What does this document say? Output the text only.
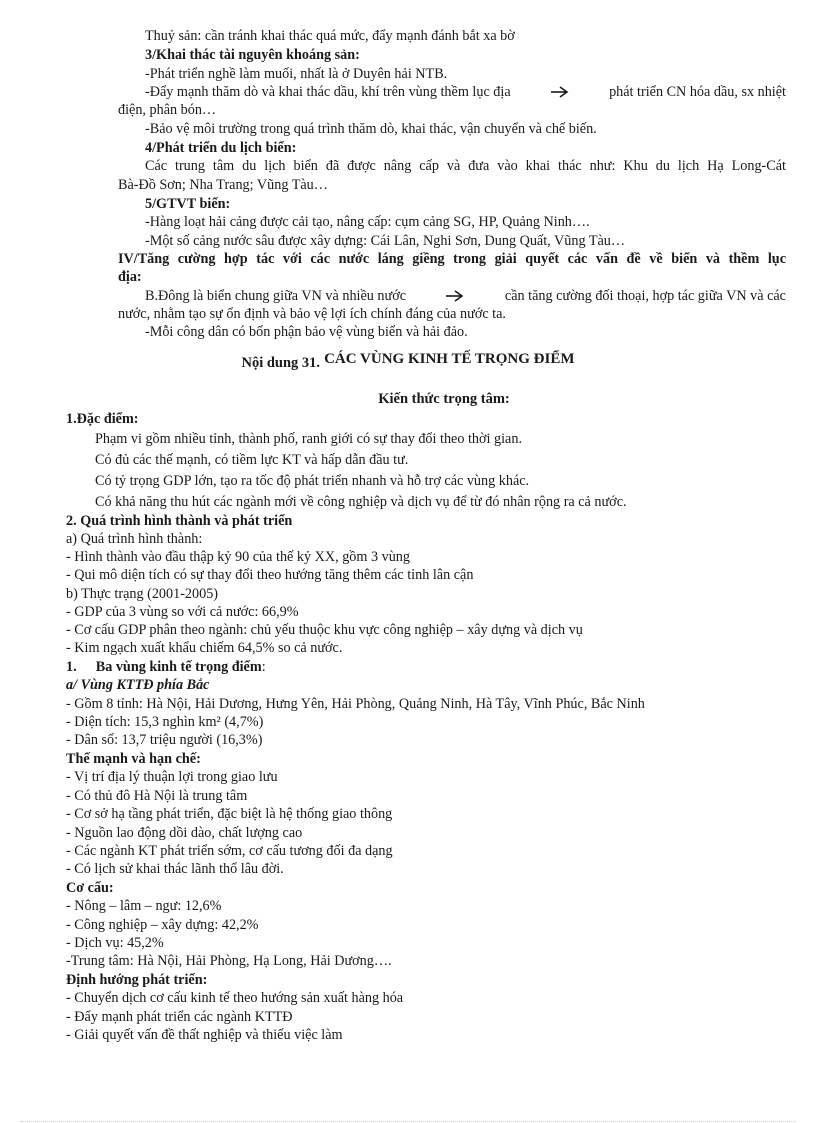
Thuỷ sản: cần tránh khai thác quá mức, đẩy mạnh đánh bắt xa bờ
3/Khai thác tài nguyên khoáng sản:
-Phát triển nghề làm muối, nhất là ở Duyên hải NTB.
-Đẩy mạnh thăm dò và khai thác dầu, khí trên vùng thềm lục địa	phát triển CN hóa dầu, sx nhiệt
điện, phân bón…
-Bảo vệ môi trường trong quá trình thăm dò, khai thác, vận chuyển và chế biến.
4/Phát triển du lịch biển:
Các trung tâm du lịch biển đã được nâng cấp và đưa vào khai thác như: Khu du lịch Hạ Long-Cát
Bà-Đồ Sơn; Nha Trang; Vũng Tàu…
5/GTVT biển:
-Hàng loạt hải cảng được cải tạo, nâng cấp: cụm cảng SG, HP, Quảng Ninh….
-Một số cảng nước sâu được xây dựng: Cái Lân, Nghi Sơn, Dung Quất, Vũng Tàu…
IV/Tăng cường hợp tác với các nước láng giềng trong giải quyết các vấn đề về biển và thềm lục
địa:
B.Đông là biển chung giữa VN và nhiều nước	cần tăng cường đối thoại, hợp tác giữa VN và các
nước, nhằm tạo sự ổn định và bảo vệ lợi ích chính đáng của nước ta.
-Mỗi công dân có bổn phận bảo vệ vùng biển và hải đảo.
Nội dung 31. CÁC VÙNG KINH TẾ TRỌNG ĐIỂM
Kiến thức trọng tâm:
1.Đặc điểm:
Phạm vi gồm nhiều tỉnh, thành phố, ranh giới có sự thay đổi theo thời gian.
Có đủ các thế mạnh, có tiềm lực KT và hấp dẫn đầu tư.
Có tỷ trọng GDP lớn, tạo ra tốc độ phát triển nhanh và hỗ trợ các vùng khác.
Có khả năng thu hút các ngành mới về công nghiệp và dịch vụ để từ đó nhân rộng ra cả nước.
2. Quá trình hình thành và phát triển
a) Quá trình hình thành:
- Hình thành vào đầu thập kỷ 90 của thế kỷ XX, gồm 3 vùng
- Qui mô diện tích có sự thay đổi theo hướng tăng thêm các tỉnh lân cận
b) Thực trạng (2001-2005)
- GDP của 3 vùng so với cả nước: 66,9%
- Cơ cấu GDP phân theo ngành: chủ yếu thuộc khu vực công nghiệp – xây dựng và dịch vụ
- Kim ngạch xuất khẩu chiếm 64,5% so cả nước.
1. Ba vùng kinh tế trọng điểm:
a/ Vùng KTTĐ phía Bắc
- Gồm 8 tỉnh: Hà Nội, Hải Dương, Hưng Yên, Hải Phòng, Quảng Ninh, Hà Tây, Vĩnh Phúc, Bắc Ninh
- Diện tích: 15,3 nghìn km² (4,7%)
- Dân số: 13,7 triệu người (16,3%)
Thế mạnh và hạn chế:
- Vị trí địa lý thuận lợi trong giao lưu
- Có thủ đô Hà Nội là trung tâm
- Cơ sở hạ tầng phát triển, đặc biệt là hệ thống giao thông
- Nguồn lao động dồi dào, chất lượng cao
- Các ngành KT phát triển sớm, cơ cấu tương đối đa dạng
- Có lịch sử khai thác lãnh thổ lâu đời.
Cơ cấu:
- Nông – lâm – ngư: 12,6%
- Công nghiệp – xây dựng: 42,2%
- Dịch vụ: 45,2%
-Trung tâm: Hà Nội, Hải Phòng, Hạ Long, Hải Dương….
Định hướng phát triển:
- Chuyển dịch cơ cấu kinh tế theo hướng sản xuất hàng hóa
- Đẩy mạnh phát triển các ngành KTTĐ
- Giải quyết vấn đề thất nghiệp và thiếu việc làm
